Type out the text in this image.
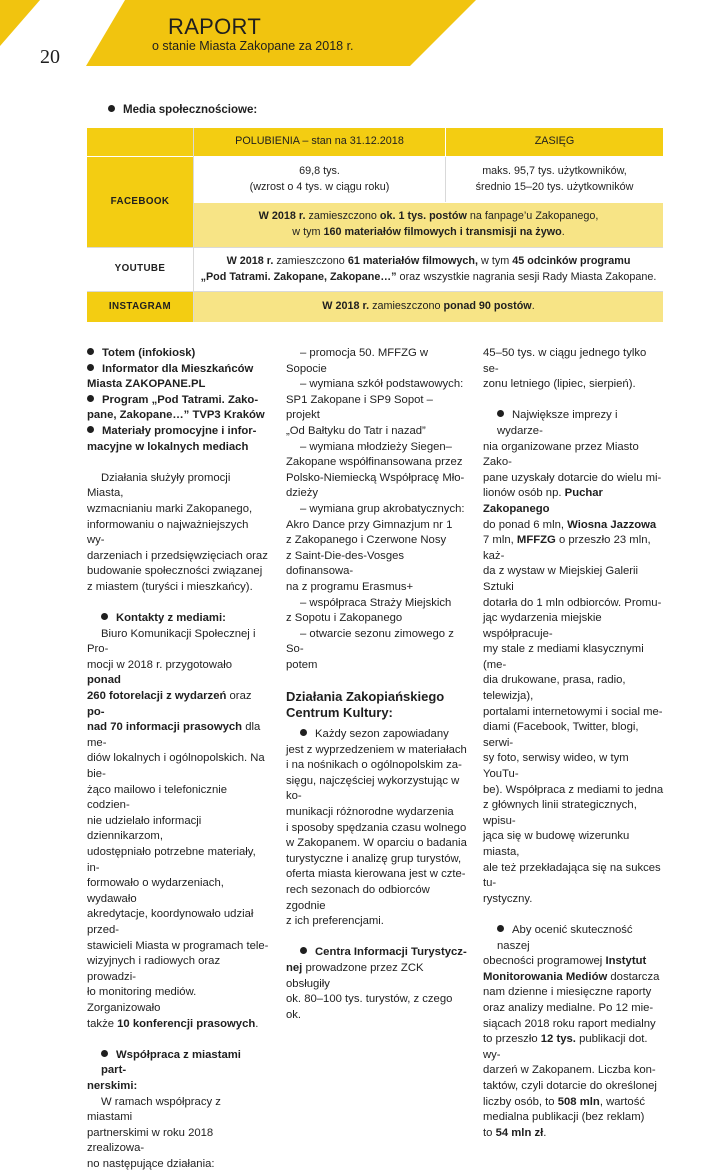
RAPORT
o stanie Miasta Zakopane za 2018 r.
20
Media społecznościowe:
POLUBIENIA – stan na 31.12.2018	ZASIĘG
FACEBOOK
69,8 tys.
(wzrost o 4 tys. w ciągu roku)
maks. 95,7 tys. użytkowników,
średnio 15–20 tys. użytkowników
W 2018 r. zamieszczono ok. 1 tys. postów na fanpage’u Zakopanego,
w tym 160 materiałów filmowych i transmisji na żywo.
YOUTUBE
W 2018 r. zamieszczono 61 materiałów filmowych, w tym 45 odcinków programu
„Pod Tatrami. Zakopane, Zakopane…” oraz wszystkie nagrania sesji Rady Miasta Zakopane.
INSTAGRAM	W 2018 r. zamieszczono ponad 90 postów.

Totem (infokiosk)

Informator dla Mieszkańców

Miasta ZAKOPANE.PL

Program „Pod Tatrami. Zako-

pane, Zakopane…” TVP3 Kraków

Materiały promocyjne i infor-

macyjne w lokalnych mediach

Działania służyły promocji Miasta,

wzmacnianiu marki Zakopanego,

informowaniu o najważniejszych wy-

darzeniach i przedsięwzięciach oraz

budowanie społeczności związanej

z miastem (turyści i mieszkańcy).

Kontakty z mediami:

Biuro Komunikacji Społecznej i Pro-

mocji w 2018 r. przygotowało ponad

260 fotorelacji z wydarzeń oraz po-

nad 70 informacji prasowych dla me-

diów lokalnych i ogólnopolskich. Na bie-

żąco mailowo i telefonicznie codzien-

nie udzielało informacji dziennikarzom,

udostępniało potrzebne materiały, in-

formowało o wydarzeniach, wydawało

akredytacje, koordynowało udział przed-

stawicieli Miasta w programach tele-

wizyjnych i radiowych oraz prowadzi-

ło monitoring mediów. Zorganizowało

także 10 konferencji prasowych.

Współpraca z miastami part-

nerskimi:

W ramach współpracy z miastami

partnerskimi w roku 2018 zrealizowa-

no następujące działania:

– promocja 50. MFFZG w Sopocie

– wymiana szkół podstawowych:

SP1 Zakopane i SP9 Sopot – projekt

„Od Bałtyku do Tatr i nazad”

– wymiana młodzieży Siegen–

Zakopane współfinansowana przez

Polsko-Niemiecką Współpracę Mło-

dzieży

– wymiana grup akrobatycznych:

Akro Dance przy Gimnazjum nr 1

z Zakopanego i Czerwone Nosy

z Saint-Die-des-Vosges dofinansowa-

na z programu Erasmus+

– współpraca Straży Miejskich

z Sopotu i Zakopanego

– otwarcie sezonu zimowego z So-

potem

Działania Zakopiańskiego
Centrum Kultury:

Każdy sezon zapowiadany

jest z wyprzedzeniem w materiałach

i na nośnikach o ogólnopolskim za-

sięgu, najczęściej wykorzystując w ko-

munikacji różnorodne wydarzenia

i sposoby spędzania czasu wolnego

w Zakopanem. W oparciu o badania

turystyczne i analizę grup turystów,

oferta miasta kierowana jest w czte-

rech sezonach do odbiorców zgodnie

z ich preferencjami.

Centra Informacji Turystycz-

nej prowadzone przez ZCK obsługiły

ok. 80–100 tys. turystów, z czego ok.

45–50 tys. w ciągu jednego tylko se-

zonu letniego (lipiec, sierpień).

Największe imprezy i wydarze-

nia organizowane przez Miasto Zako-

pane uzyskały dotarcie do wielu mi-

lionów osób np. Puchar Zakopanego

do ponad 6 mln, Wiosna Jazzowa

7 mln, MFFZG o przeszło 23 mln, każ-

da z wystaw w Miejskiej Galerii Sztuki

dotarła do 1 mln odbiorców. Promu-

jąc wydarzenia miejskie współpracuje-

my stale z mediami klasycznymi (me-

dia drukowane, prasa, radio, telewizja),

portalami internetowymi i social me-

diami (Facebook, Twitter, blogi, serwi-

sy foto, serwisy wideo, w tym YouTu-

be). Współpraca z mediami to jedna

z głównych linii strategicznych, wpisu-

jąca się w budowę wizerunku miasta,

ale też przekładająca się na sukces tu-

rystyczny.

Aby ocenić skuteczność naszej

obecności programowej Instytut

Monitorowania Mediów dostarcza

nam dzienne i miesięczne raporty

oraz analizy medialne. Po 12 mie-

siącach 2018 roku raport medialny

to przeszło 12 tys. publikacji dot. wy-

darzeń w Zakopanem. Liczba kon-

taktów, czyli dotarcie do określonej

liczby osób, to 508 mln, wartość

medialna publikacji (bez reklam)

to 54 mln zł.
